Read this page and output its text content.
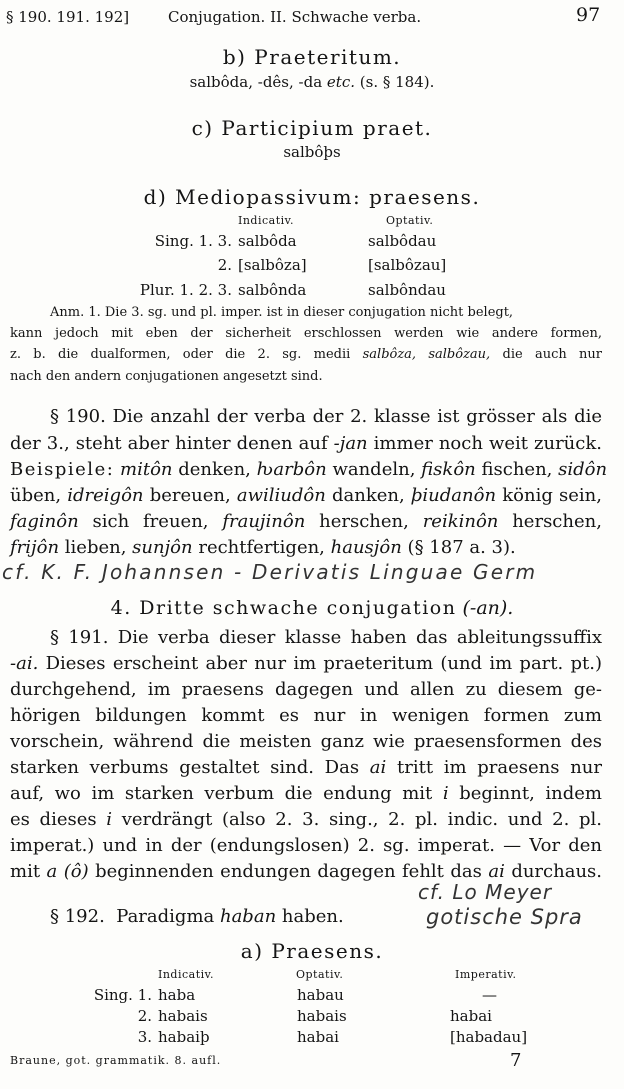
§ 190. 191. 192]	Conjugation. II. Schwache verba.	97
b) Praeteritum.
salbôda, -dês, -da etc. (s. § 184).
c) Participium praet.
salbôþs
d) Mediopassivum: praesens.
Indicativ.	Optativ.
Sing. 1. 3. salbôda	salbôdau
2. [salbôza]	[salbôzau]
Plur. 1. 2. 3. salbônda	salbôndau
Anm. 1. Die 3. sg. und pl. imper. ist in dieser conjugation nicht belegt,
kann jedoch mit eben der sicherheit erschlossen werden wie andere formen,
z. b. die dualformen, oder die 2. sg. medii salbôza, salbôzau, die auch nur
nach den andern conjugationen angesetzt sind.
§ 190. Die anzahl der verba der 2. klasse ist grösser als die
der 3., steht aber hinter denen auf -jan immer noch weit zurück.
Beispiele: mitôn denken, ƕarbôn wandeln, fiskôn fischen, sidôn
üben, idreigôn bereuen, awiliudôn danken, þiudanôn könig sein,
faginôn sich freuen, fraujinôn herschen, reikinôn herschen,
frijôn lieben, sunjôn rechtfertigen, hausjôn (§ 187 a. 3).
cf. K. F. Johannsen - Derivatis Linguae Germ
4. Dritte schwache conjugation (-an).
§ 191. Die verba dieser klasse haben das ableitungssuffix
-ai. Dieses erscheint aber nur im praeteritum (und im part. pt.)
durchgehend, im praesens dagegen und allen zu diesem ge-
hörigen bildungen kommt es nur in wenigen formen zum
vorschein, während die meisten ganz wie praesensformen des
starken verbums gestaltet sind. Das ai tritt im praesens nur
auf, wo im starken verbum die endung mit i beginnt, indem
es dieses i verdrängt (also 2. 3. sing., 2. pl. indic. und 2. pl.
imperat.) und in der (endungslosen) 2. sg. imperat. — Vor den
mit a (ô) beginnenden endungen dagegen fehlt das ai durchaus.
§ 192. Paradigma haban haben.
cf. Lo Meyer
gotische Spra
a) Praesens.
Indicativ.	Optativ.	Imperativ.
Sing. 1. haba	habau	—
2. habais	habais	habai
3. habaiþ	habai	[habadau]
Braune, got. grammatik. 8. aufl.	7
